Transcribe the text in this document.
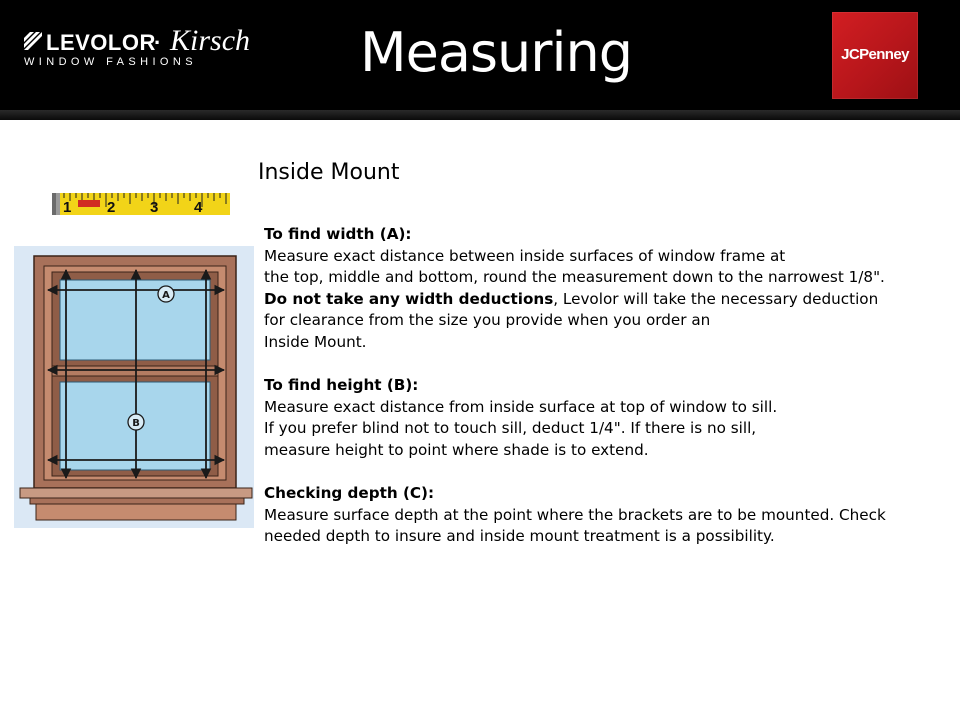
LEVOLOR
· Kirsch
WINDOW FASHIONS	Measuring	JCPenney
1 2 3 4
A
B
Inside Mount
To find width (A):
Measure exact distance between inside surfaces of window frame at
the top, middle and bottom, round the measurement down to the narrowest 1/8".
Do not take any width deductions, Levolor will take the necessary deduction
for clearance from the size you provide when you order an
Inside Mount.
To find height (B):
Measure exact distance from inside surface at top of window to sill.
If you prefer blind not to touch sill, deduct 1/4". If there is no sill,
measure height to point where shade is to extend.
Checking depth (C):
Measure surface depth at the point where the brackets are to be mounted. Check
needed depth to insure and inside mount treatment is a possibility.
